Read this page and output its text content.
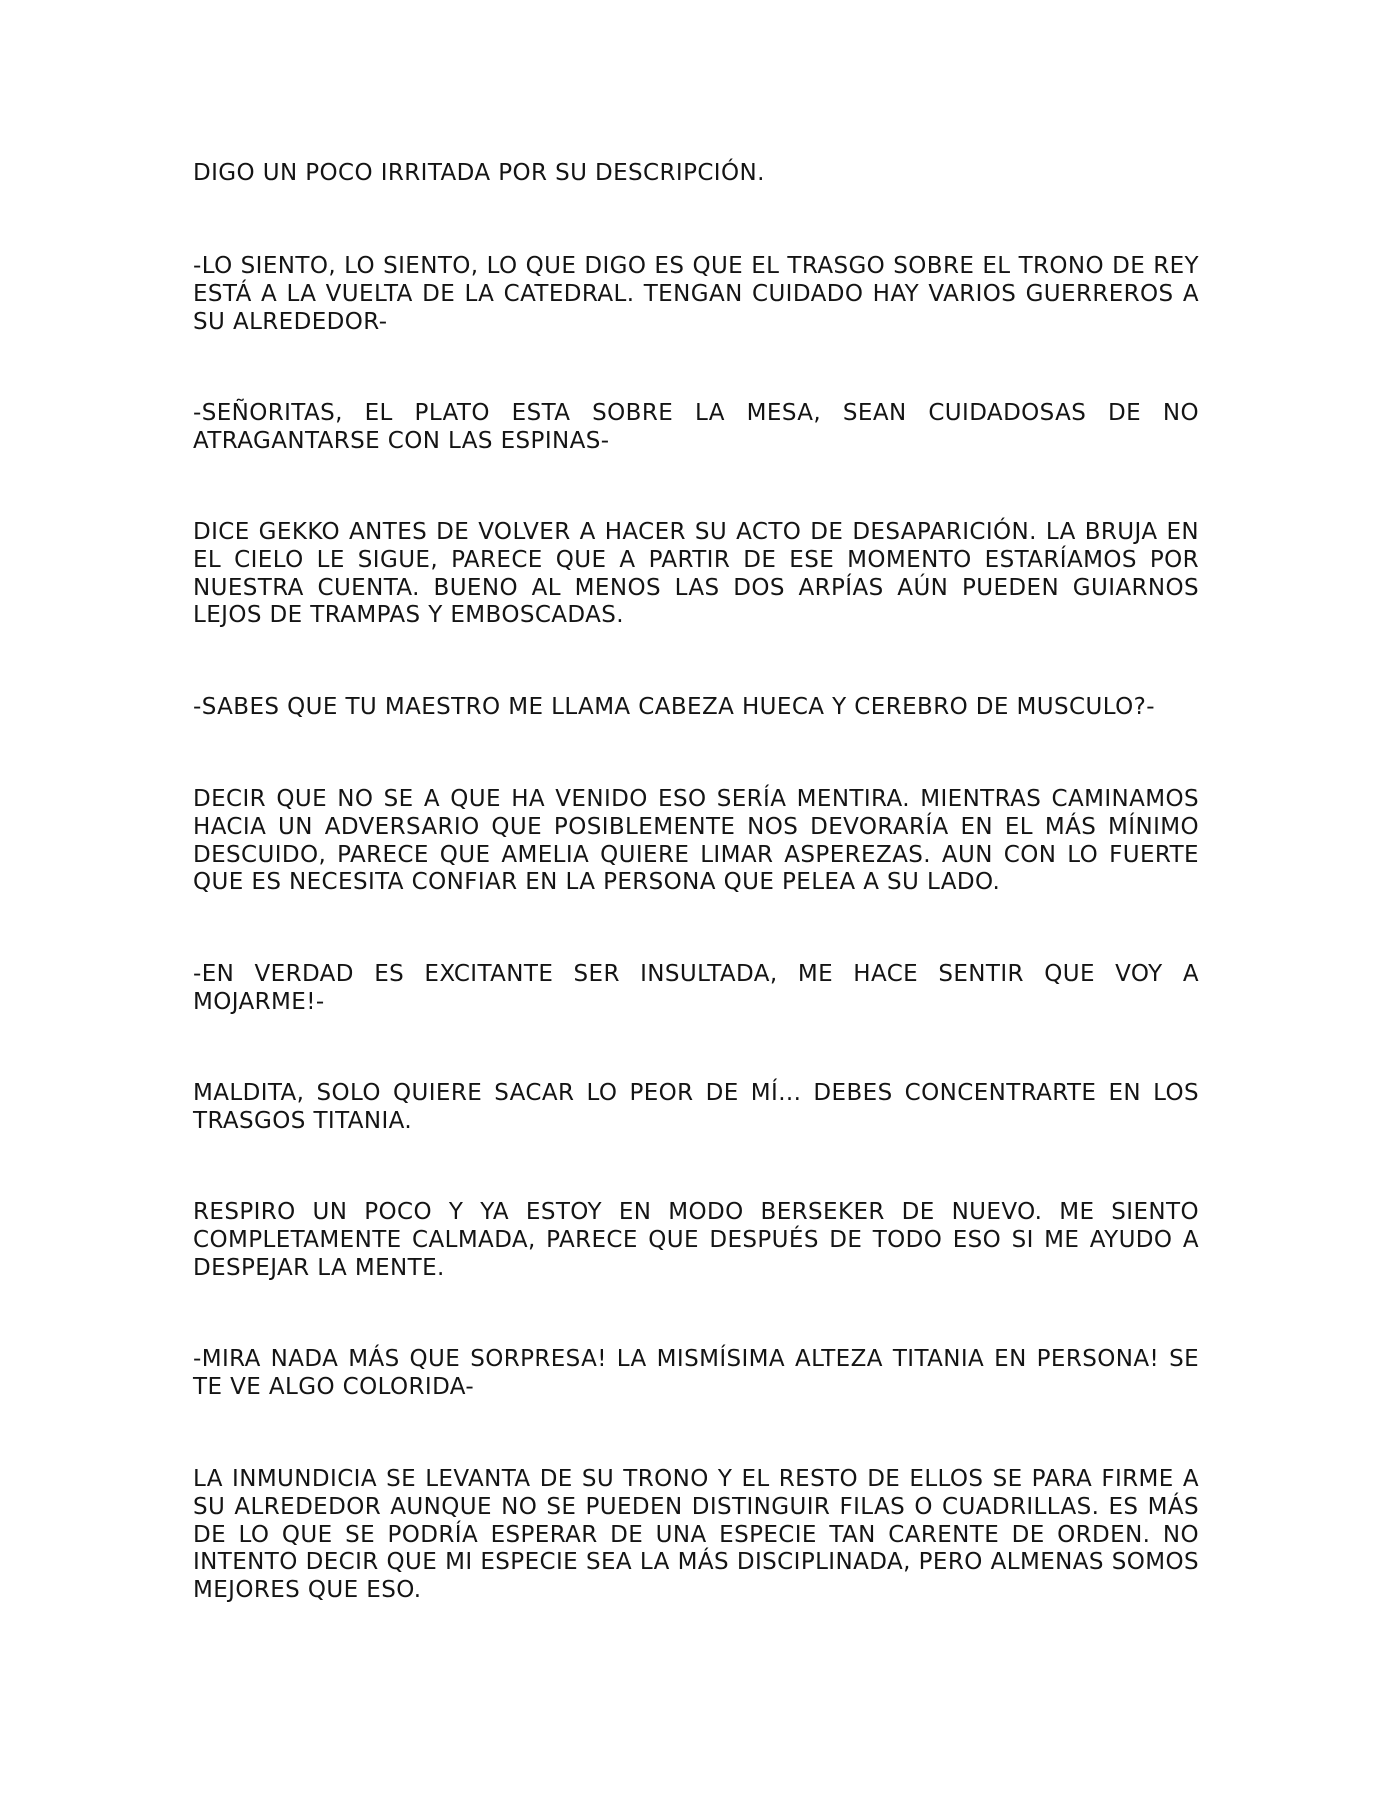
DIGO UN POCO IRRITADA POR SU DESCRIPCIÓN.

-LO SIENTO, LO SIENTO, LO QUE DIGO ES QUE EL TRASGO SOBRE EL TRONO DE REY ESTÁ A LA VUELTA DE LA CATEDRAL. TENGAN CUIDADO HAY VARIOS GUERREROS A SU ALREDEDOR-

-SEÑORITAS, EL PLATO ESTA SOBRE LA MESA, SEAN CUIDADOSAS DE NO ATRAGANTARSE CON LAS ESPINAS-

DICE GEKKO ANTES DE VOLVER A HACER SU ACTO DE DESAPARICIÓN. LA BRUJA EN EL CIELO LE SIGUE, PARECE QUE A PARTIR DE ESE MOMENTO ESTARÍAMOS POR NUESTRA CUENTA. BUENO AL MENOS LAS DOS ARPÍAS AÚN PUEDEN GUIARNOS LEJOS DE TRAMPAS Y EMBOSCADAS.

-SABES QUE TU MAESTRO ME LLAMA CABEZA HUECA Y CEREBRO DE MUSCULO?-

DECIR QUE NO SE A QUE HA VENIDO ESO SERÍA MENTIRA. MIENTRAS CAMINAMOS HACIA UN ADVERSARIO QUE POSIBLEMENTE NOS DEVORARÍA EN EL MÁS MÍNIMO DESCUIDO, PARECE QUE AMELIA QUIERE LIMAR ASPEREZAS. AUN CON LO FUERTE QUE ES NECESITA CONFIAR EN LA PERSONA QUE PELEA A SU LADO.

-EN VERDAD ES EXCITANTE SER INSULTADA, ME HACE SENTIR QUE VOY A MOJARME!-

MALDITA, SOLO QUIERE SACAR LO PEOR DE MÍ... DEBES CONCENTRARTE EN LOS TRASGOS TITANIA.

RESPIRO UN POCO Y YA ESTOY EN MODO BERSEKER DE NUEVO. ME SIENTO COMPLETAMENTE CALMADA, PARECE QUE DESPUÉS DE TODO ESO SI ME AYUDO A DESPEJAR LA MENTE.

-MIRA NADA MÁS QUE SORPRESA! LA MISMÍSIMA ALTEZA TITANIA EN PERSONA! SE TE VE ALGO COLORIDA-

LA INMUNDICIA SE LEVANTA DE SU TRONO Y EL RESTO DE ELLOS SE PARA FIRME A SU ALREDEDOR AUNQUE NO SE PUEDEN DISTINGUIR FILAS O CUADRILLAS. ES MÁS DE LO QUE SE PODRÍA ESPERAR DE UNA ESPECIE TAN CARENTE DE ORDEN. NO INTENTO DECIR QUE MI ESPECIE SEA LA MÁS DISCIPLINADA, PERO ALMENAS SOMOS MEJORES QUE ESO.
